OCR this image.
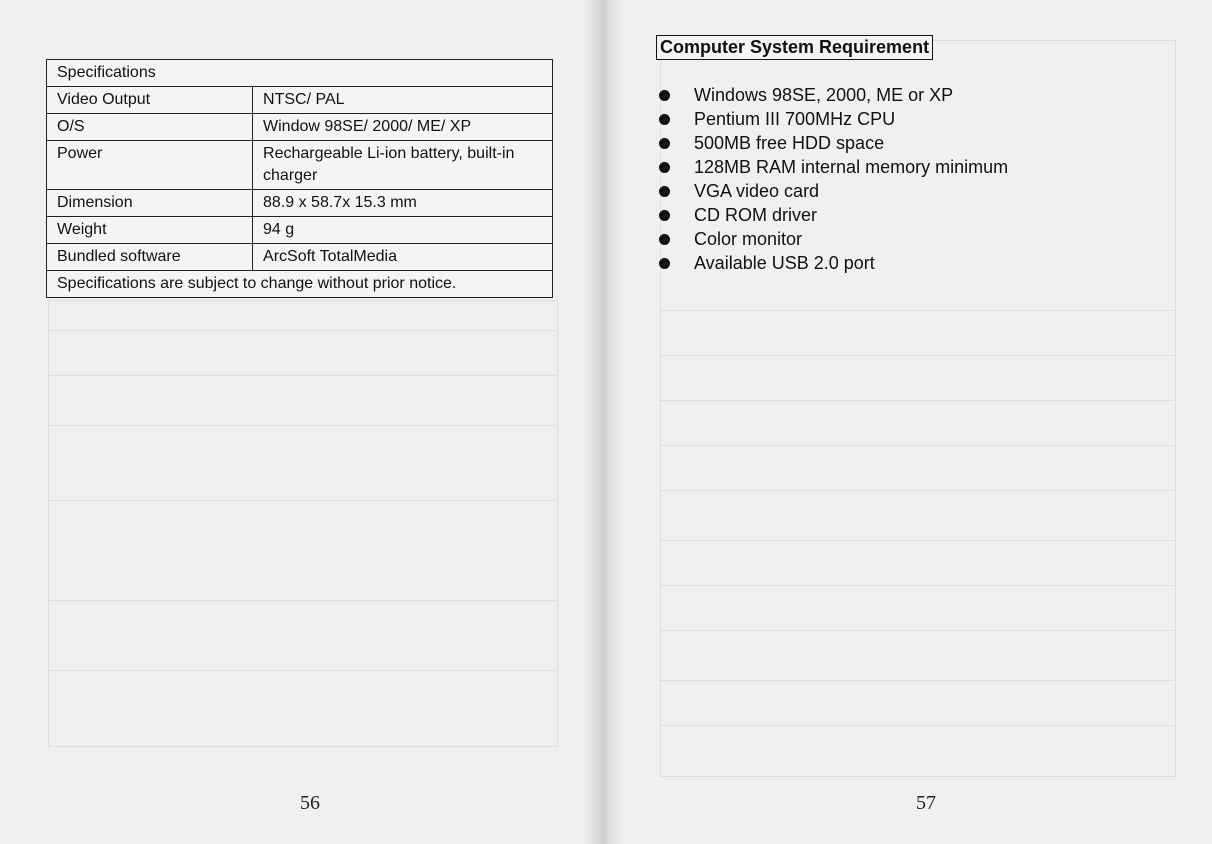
Specifications	
Video Output	NTSC/ PAL
O/S	Window 98SE/ 2000/ ME/ XP
Power	Rechargeable Li-ion battery, built-in charger
Dimension	88.9 x 58.7x 15.3 mm
Weight	94 g
Bundled software	ArcSoft TotalMedia
Specifications are subject to change without prior notice.	
56	57
Computer System Requirement
Windows 98SE, 2000, ME or XP
Pentium III 700MHz CPU
500MB free HDD space
128MB RAM internal memory minimum
VGA video card
CD ROM driver
Color monitor
Available USB 2.0 port
